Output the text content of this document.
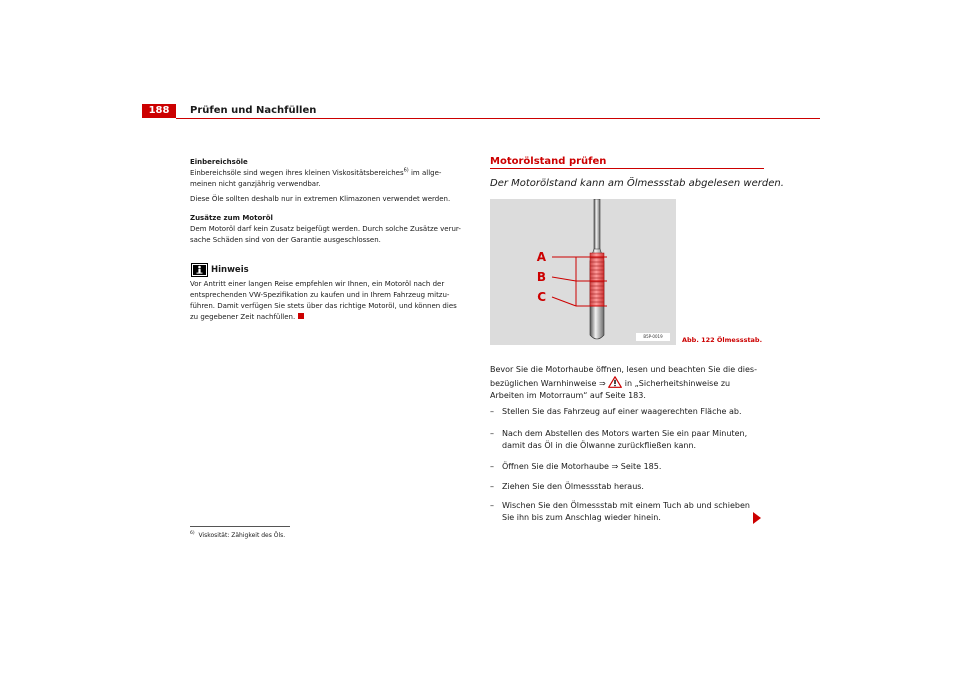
188	Prüfen und Nachfüllen
Einbereichsöle
Einbereichsöle sind wegen ihres kleinen Viskositätsbereiches$^{6)}$ im allge-
meinen nicht ganzjährig verwendbar.
Diese Öle sollten deshalb nur in extremen Klimazonen verwendet werden.
Zusätze zum Motoröl
Dem Motoröl darf kein Zusatz beigefügt werden. Durch solche Zusätze verur-
sache Schäden sind von der Garantie ausgeschlossen.
Hinweis
Vor Antritt einer langen Reise empfehlen wir Ihnen, ein Motoröl nach der
entsprechenden VW-Spezifikation zu kaufen und in Ihrem Fahrzeug mitzu-
führen. Damit verfügen Sie stets über das richtige Motoröl, und können dies
zu gegebener Zeit nachfüllen.
$^{6)}$ Viskosität: Zähigkeit des Öls.
Motorölstand prüfen
Der Motorölstand kann am Ölmessstab abgelesen werden.
A
B
C
B5P-0019	Abb. 122 Ölmessstab.
Bevor Sie die Motorhaube öffnen, lesen und beachten Sie die dies-
bezüglichen Warnhinweise ⇒  in „Sicherheitshinweise zu
Arbeiten im Motorraum“ auf Seite 183.
–	Stellen Sie das Fahrzeug auf einer waagerechten Fläche ab.
–	Nach dem Abstellen des Motors warten Sie ein paar Minuten,
damit das Öl in die Ölwanne zurückfließen kann.
–	Öffnen Sie die Motorhaube ⇒ Seite 185.
–	Ziehen Sie den Ölmessstab heraus.
–	Wischen Sie den Ölmessstab mit einem Tuch ab und schieben
Sie ihn bis zum Anschlag wieder hinein.
